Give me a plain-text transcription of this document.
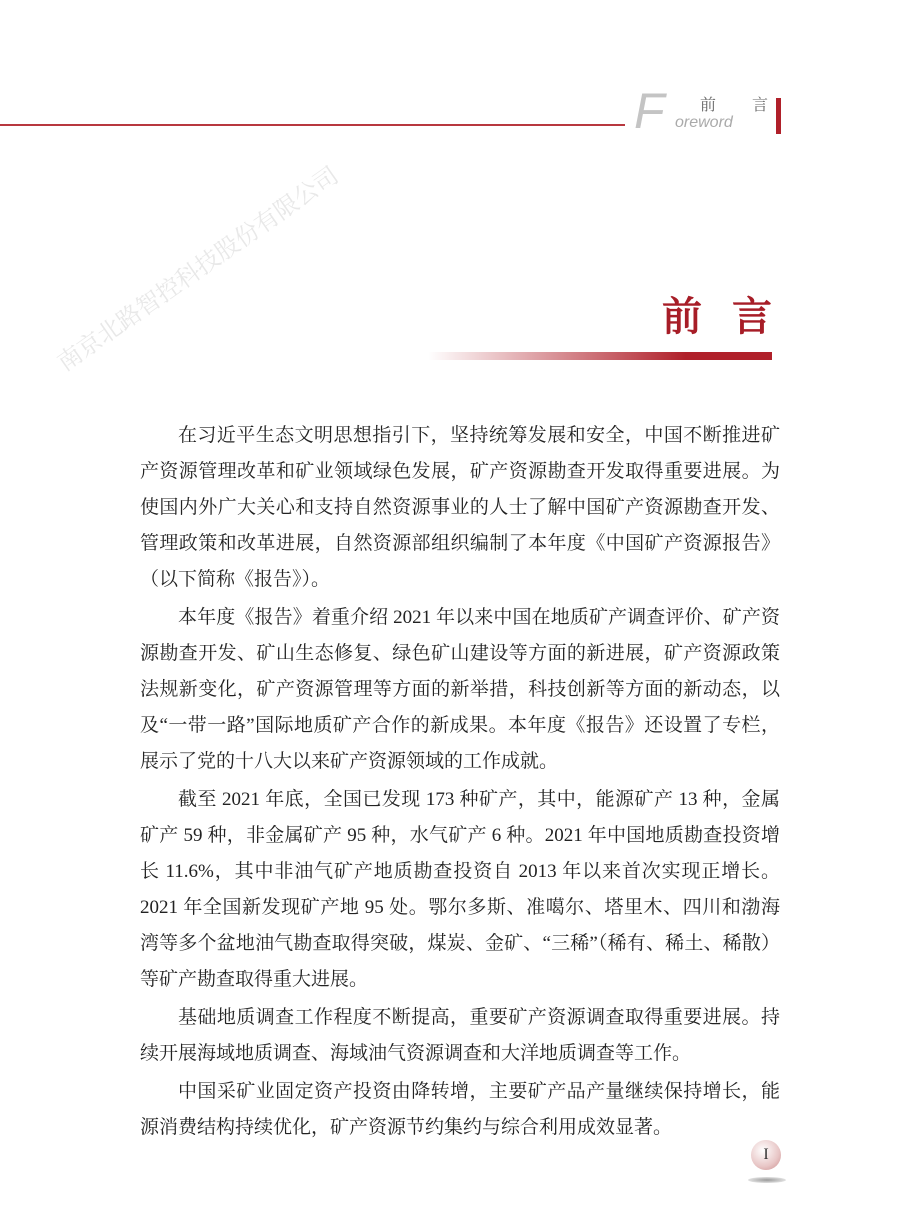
南京北路智控科技股份有限公司
F oreword
前 言
前言

在习近平生态文明思想指引下，坚持统筹发展和安全，中国不断推进矿产资源管理改革和矿业领域绿色发展，矿产资源勘查开发取得重要进展。为使国内外广大关心和支持自然资源事业的人士了解中国矿产资源勘查开发、管理政策和改革进展，自然资源部组织编制了本年度《中国矿产资源报告》（以下简称《报告》）。

本年度《报告》着重介绍 2021 年以来中国在地质矿产调查评价、矿产资源勘查开发、矿山生态修复、绿色矿山建设等方面的新进展，矿产资源政策法规新变化，矿产资源管理等方面的新举措，科技创新等方面的新动态，以及“一带一路”国际地质矿产合作的新成果。本年度《报告》还设置了专栏，展示了党的十八大以来矿产资源领域的工作成就。

截至 2021 年底，全国已发现 173 种矿产，其中，能源矿产 13 种，金属矿产 59 种，非金属矿产 95 种，水气矿产 6 种。2021 年中国地质勘查投资增长 11.6%，其中非油气矿产地质勘查投资自 2013 年以来首次实现正增长。2021 年全国新发现矿产地 95 处。鄂尔多斯、准噶尔、塔里木、四川和渤海湾等多个盆地油气勘查取得突破，煤炭、金矿、“三稀”（稀有、稀土、稀散）等矿产勘查取得重大进展。

基础地质调查工作程度不断提高，重要矿产资源调查取得重要进展。持续开展海域地质调查、海域油气资源调查和大洋地质调查等工作。

中国采矿业固定资产投资由降转增，主要矿产品产量继续保持增长，能源消费结构持续优化，矿产资源节约集约与综合利用成效显著。

I
